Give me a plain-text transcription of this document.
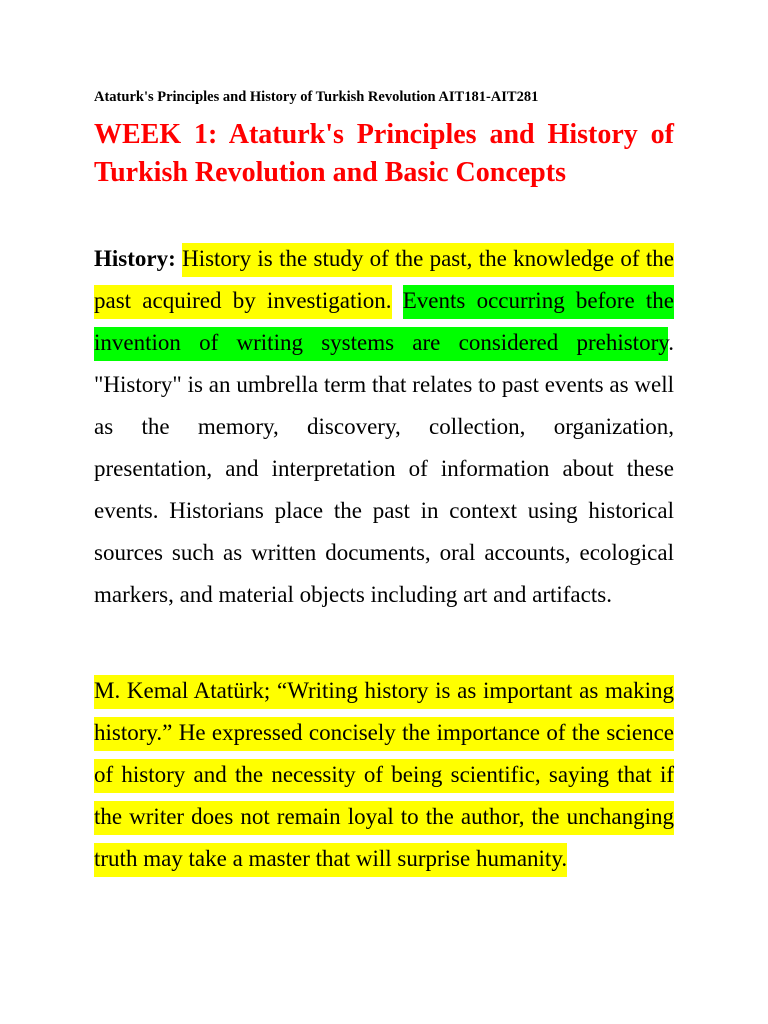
Ataturk's Principles and History of Turkish Revolution AIT181-AIT281
WEEK 1: Ataturk's Principles and History of Turkish Revolution and Basic Concepts

History: History is the study of the past, the knowledge of the past acquired by investigation. Events occurring before the invention of writing systems are considered prehistory. "History" is an umbrella term that relates to past events as well as the memory, discovery, collection, organization, presentation, and interpretation of information about these events. Historians place the past in context using historical sources such as written documents, oral accounts, ecological markers, and material objects including art and artifacts.

M. Kemal Atatürk; “Writing history is as important as making history.” He expressed concisely the importance of the science of history and the necessity of being scientific, saying that if the writer does not remain loyal to the author, the unchanging truth may take a master that will surprise humanity.
